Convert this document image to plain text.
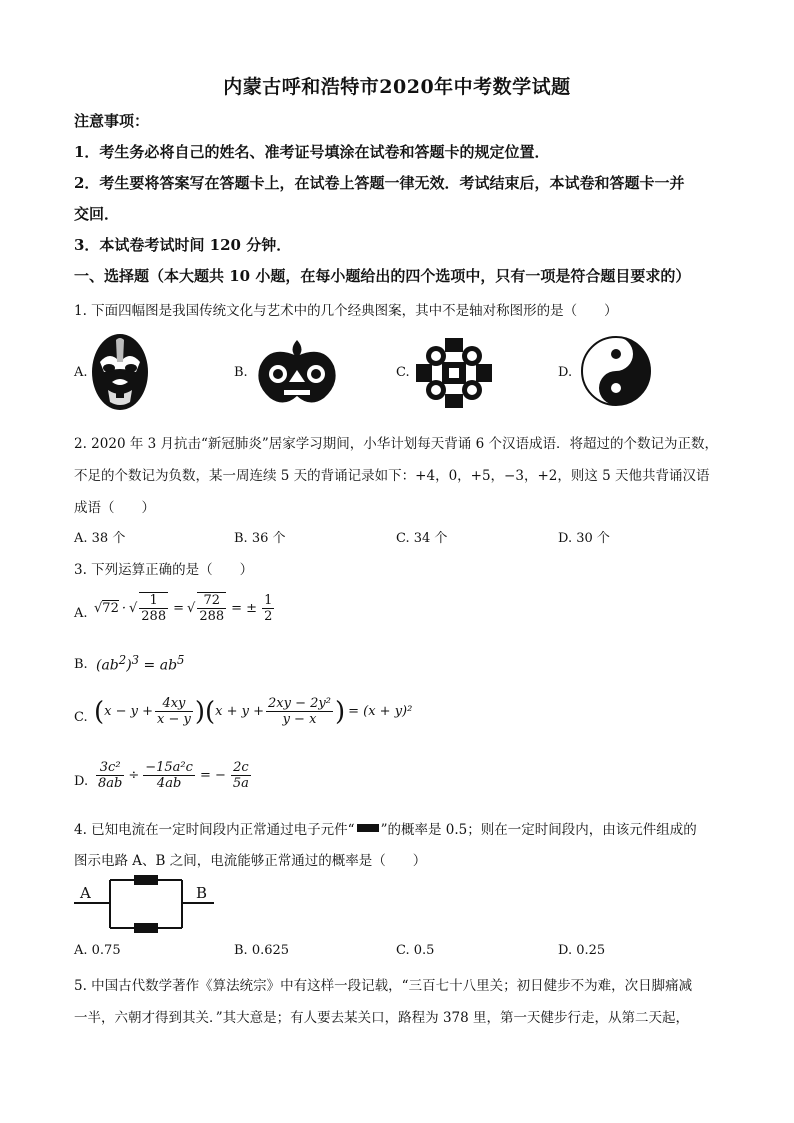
内蒙古呼和浩特市2020年中考数学试题
注意事项：
1．考生务必将自己的姓名、准考证号填涂在试卷和答题卡的规定位置．
2．考生要将答案写在答题卡上，在试卷上答题一律无效．考试结束后，本试卷和答题卡一并
交回．
3．本试卷考试时间 120 分钟．
一、选择题（本大题共 10 小题，在每小题给出的四个选项中，只有一项是符合题目要求的）
1. 下面四幅图是我国传统文化与艺术中的几个经典图案，其中不是轴对称图形的是（　　）
A.	B.	C.	D.
2. 2020 年 3 月抗击“新冠肺炎”居家学习期间，小华计划每天背诵 6 个汉语成语．将超过的个数记为正数，
不足的个数记为负数，某一周连续 5 天的背诵记录如下：+4，0，+5，−3，+2，则这 5 天他共背诵汉语
成语（　　）
A. 38 个	B. 36 个	C. 34 个	D. 30 个
3. 下列运算正确的是（　　）
A. √ 72 · √ $\frac{1}{288}$ = √ $\frac{72}{288}$ = ± $\frac{1}{2}$
B. $(ab^2)^3 = ab^5$
C. ( $x - y + \frac{4xy}{x - y}$ ) ( $x + y + \frac{\text{2xy − 2y²}}{y - x}$ ) = (x + y)²
D. $\frac{\text{3c²}}{8ab} \div \frac{\text{−15a²c}}{4ab}$ = − $\frac{2c}{5a}$
4. 已知电流在一定时间段内正常通过电子元件“ ”的概率是 0.5；则在一定时间段内，由该元件组成的
图示电路 A、B 之间，电流能够正常通过的概率是（　　）
A	B
A. 0.75	B. 0.625	C. 0.5	D. 0.25
5. 中国古代数学著作《算法统宗》中有这样一段记载，“三百七十八里关；初日健步不为难，次日脚痛减
一半，六朝才得到其关．”其大意是；有人要去某关口，路程为 378 里，第一天健步行走，从第二天起，
